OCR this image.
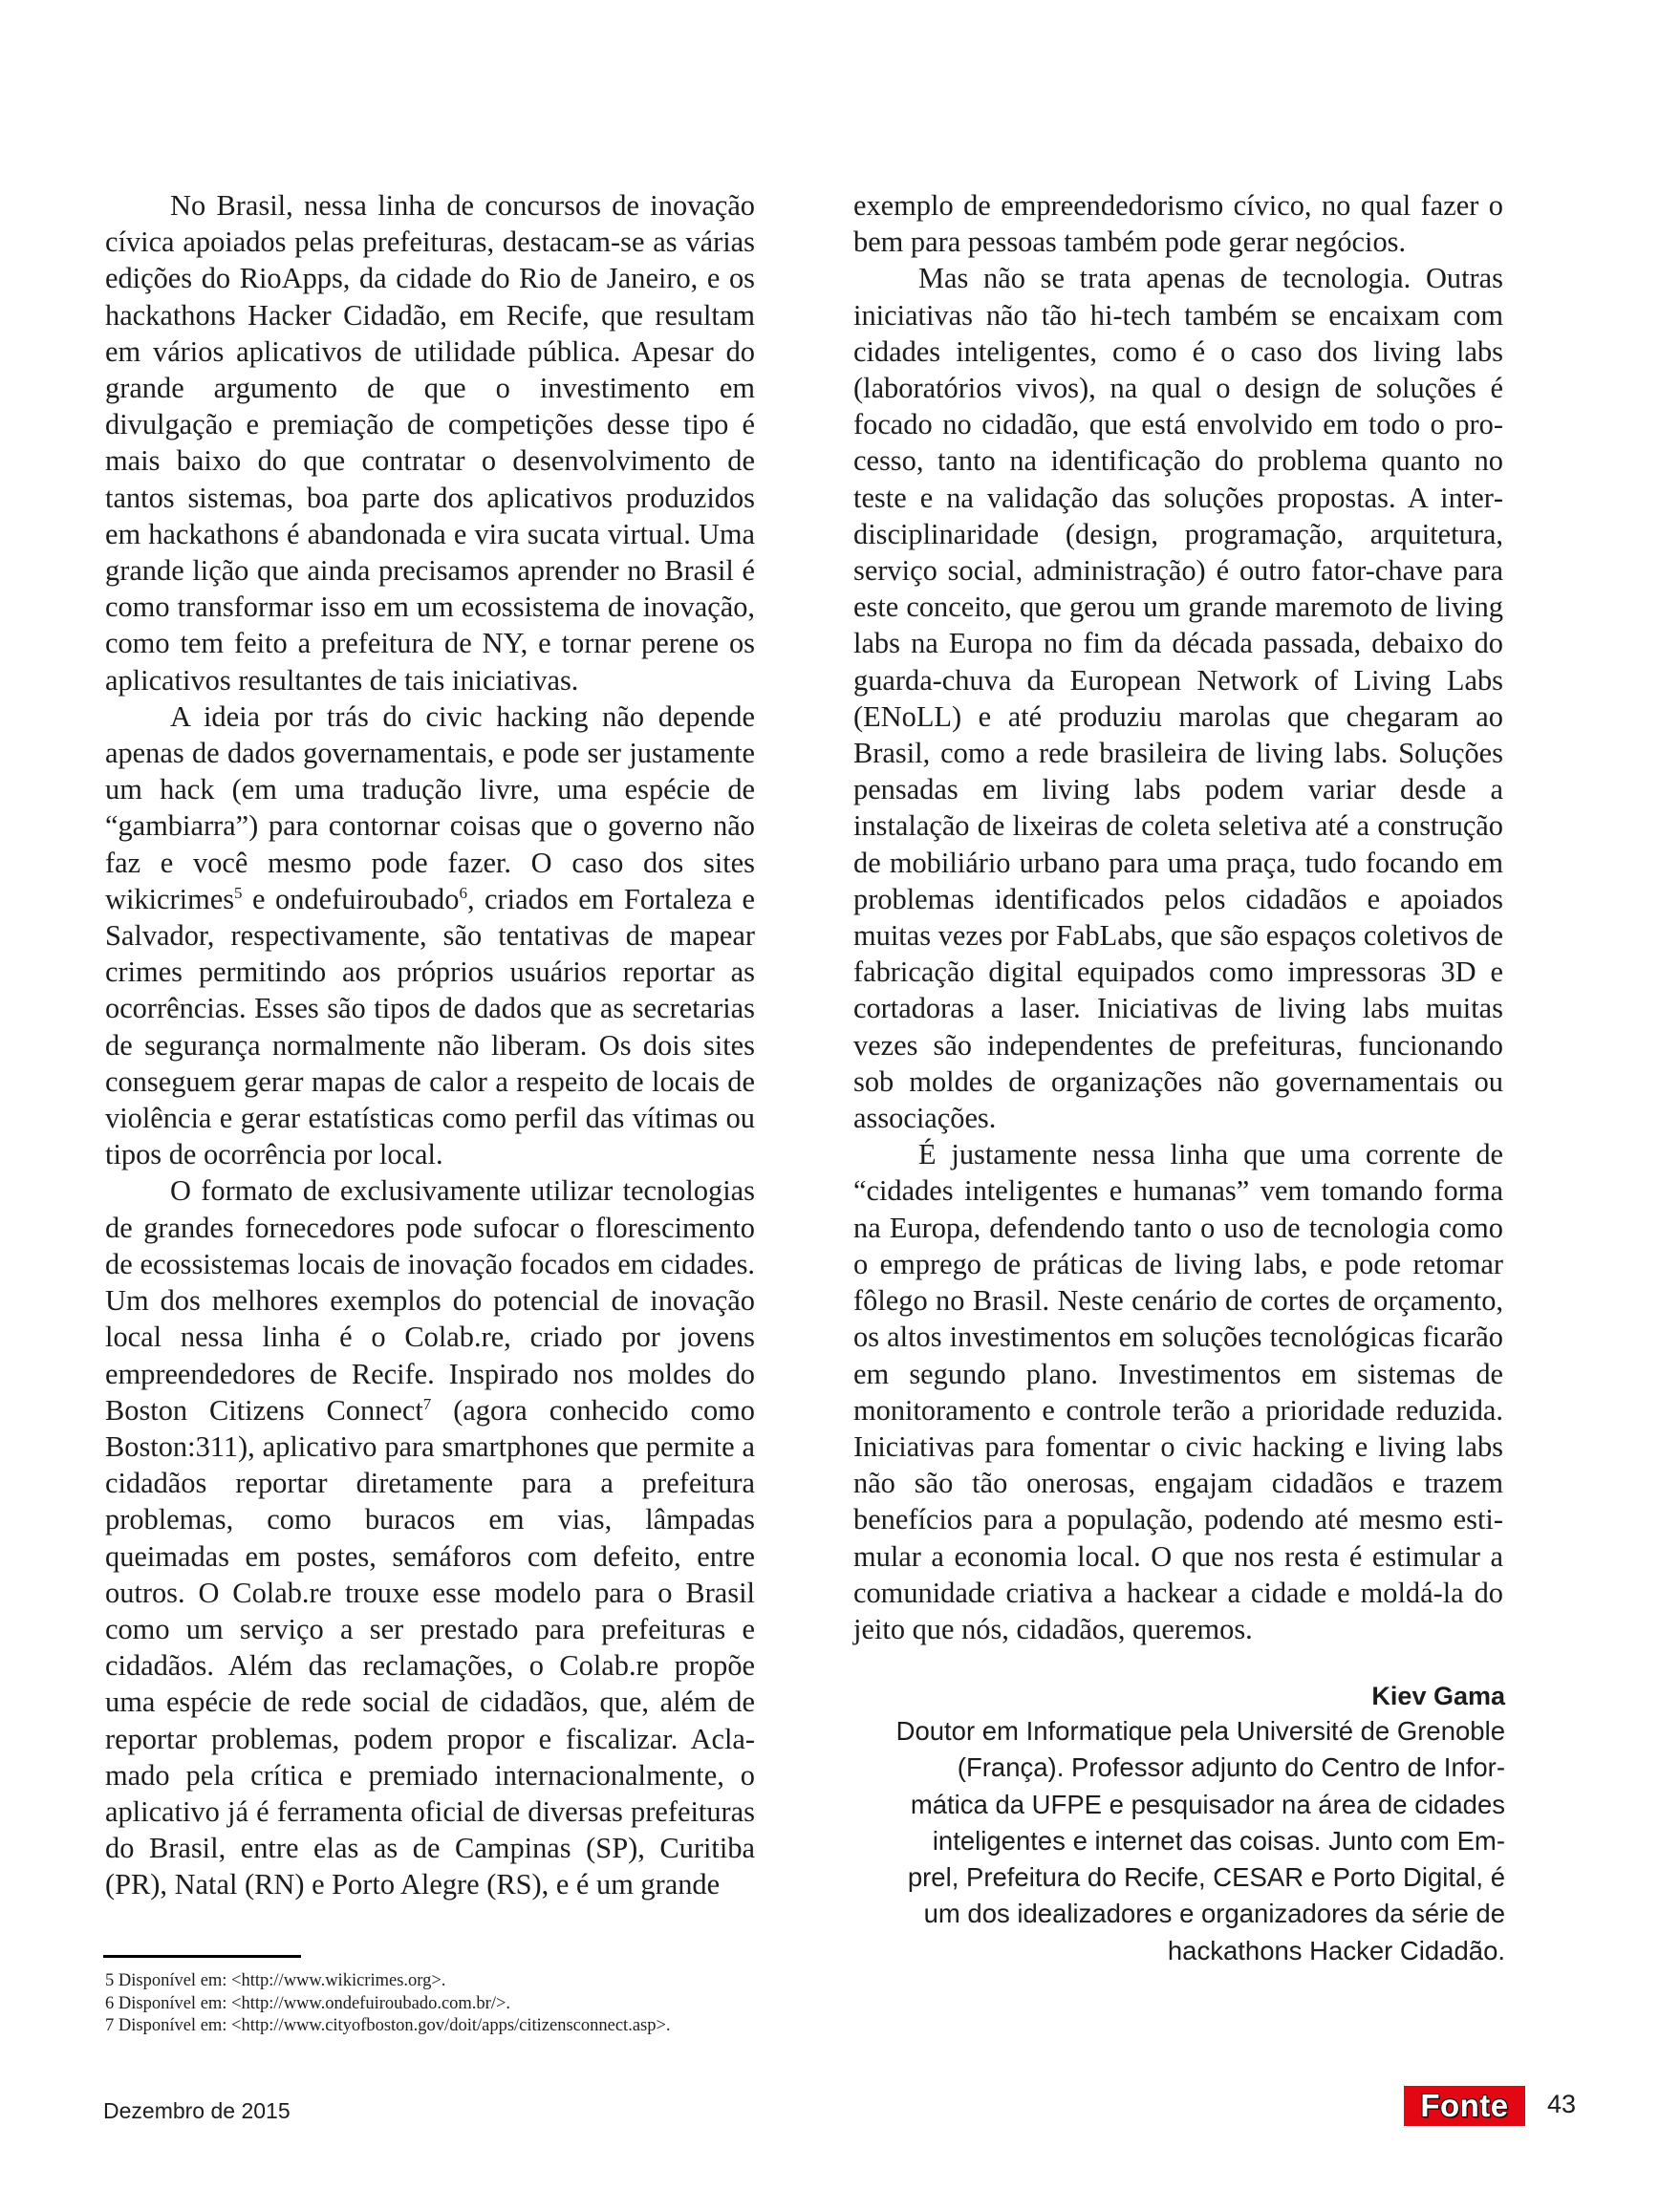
No Brasil, nessa linha de concursos de inovação cívica apoiados pelas prefeituras, destacam-se as várias edições do RioApps, da cidade do Rio de Janeiro, e os hackathons Hacker Cidadão, em Recife, que resultam em vários aplicativos de utilidade pública. Apesar do grande argumento de que o investimento em divulgação e premiação de competições desse tipo é mais baixo do que contratar o desenvolvimento de tantos sistemas, boa parte dos aplicativos produzidos em hackathons é abandonada e vira sucata virtual. Uma grande lição que ainda precisamos aprender no Brasil é como transformar isso em um ecossistema de inovação, como tem feito a prefeitura de NY, e tornar perene os aplicativos resultantes de tais iniciativas.

A ideia por trás do civic hacking não depende apenas de dados governamentais, e pode ser justamente um hack (em uma tradução livre, uma espécie de “gambiarra”) para contornar coisas que o governo não faz e você mesmo pode fazer. O caso dos sites wikicrimes$^5$ e ondefuiroubado$^6$, criados em Fortaleza e Salvador, respectivamente, são tentativas de mapear crimes permitindo aos próprios usuários reportar as ocorrências. Esses são tipos de dados que as secretarias de segurança normalmente não liberam. Os dois sites conseguem gerar mapas de calor a respeito de locais de violência e gerar estatísticas como perfil das vítimas ou tipos de ocorrência por local.

O formato de exclusivamente utilizar tecnologias de grandes fornecedores pode sufocar o florescimento de ecossistemas locais de inovação focados em cidades. Um dos melhores exemplos do potencial de inovação local nessa linha é o Colab.re, criado por jovens empreendedores de Recife. Inspirado nos moldes do Boston Citizens Connect$^7$ (agora conhecido como Boston:311), aplicativo para smartphones que permite a cidadãos reportar diretamente para a prefeitura problemas, como buracos em vias, lâmpadas queimadas em postes, semáforos com defeito, entre outros. O Colab.re trouxe esse modelo para o Brasil como um serviço a ser prestado para prefeituras e cidadãos. Além das reclamações, o Colab.re propõe uma espécie de rede social de cidadãos, que, além de reportar problemas, podem propor e fiscalizar. Aclamado pela crítica e premiado internacionalmente, o aplicativo já é ferramenta oficial de diversas prefeituras do Brasil, entre elas as de Campinas (SP), Curitiba (PR), Natal (RN) e Porto Alegre (RS), e é um grande

exemplo de empreendedorismo cívico, no qual fazer o bem para pessoas também pode gerar negócios.

Mas não se trata apenas de tecnologia. Outras iniciativas não tão hi-tech também se encaixam com cidades inteligentes, como é o caso dos living labs (laboratórios vivos), na qual o design de soluções é focado no cidadão, que está envolvido em todo o processo, tanto na identificação do problema quanto no teste e na validação das soluções propostas. A interdisciplinaridade (design, programação, arquitetura, serviço social, administração) é outro fator-chave para este conceito, que gerou um grande maremoto de living labs na Europa no fim da década passada, debaixo do guarda-chuva da European Network of Living Labs (ENoLL) e até produziu marolas que chegaram ao Brasil, como a rede brasileira de living labs. Soluções pensadas em living labs podem variar desde a instalação de lixeiras de coleta seletiva até a construção de mobiliário urbano para uma praça, tudo focando em problemas identificados pelos cidadãos e apoiados muitas vezes por FabLabs, que são espaços coletivos de fabricação digital equipados como impressoras 3D e cortadoras a laser. Iniciativas de living labs muitas vezes são independentes de prefeituras, funcionando sob moldes de organizações não governamentais ou associações.

É justamente nessa linha que uma corrente de “cidades inteligentes e humanas” vem tomando forma na Europa, defendendo tanto o uso de tecnologia como o emprego de práticas de living labs, e pode retomar fôlego no Brasil. Neste cenário de cortes de orçamento, os altos investimentos em soluções tecnológicas ficarão em segundo plano. Investimentos em sistemas de monitoramento e controle terão a prioridade reduzida. Iniciativas para fomentar o civic hacking e living labs não são tão onerosas, engajam cidadãos e trazem benefícios para a população, podendo até mesmo estimular a economia local. O que nos resta é estimular a comunidade criativa a hackear a cidade e moldá-la do jeito que nós, cidadãos, queremos.

Kiev Gama
Doutor em Informatique pela Université de Grenoble
(França). Professor adjunto do Centro de Infor-
mática da UFPE e pesquisador na área de cidades
inteligentes e internet das coisas. Junto com Em-
prel, Prefeitura do Recife, CESAR e Porto Digital, é
um dos idealizadores e organizadores da série de
hackathons Hacker Cidadão.
5 Disponível em: <http://www.wikicrimes.org>.
6 Disponível em: <http://www.ondefuiroubado.com.br/>.
7 Disponível em: <http://www.cityofboston.gov/doit/apps/citizensconnect.asp>.
Dezembro de 2015	Fonte	43
